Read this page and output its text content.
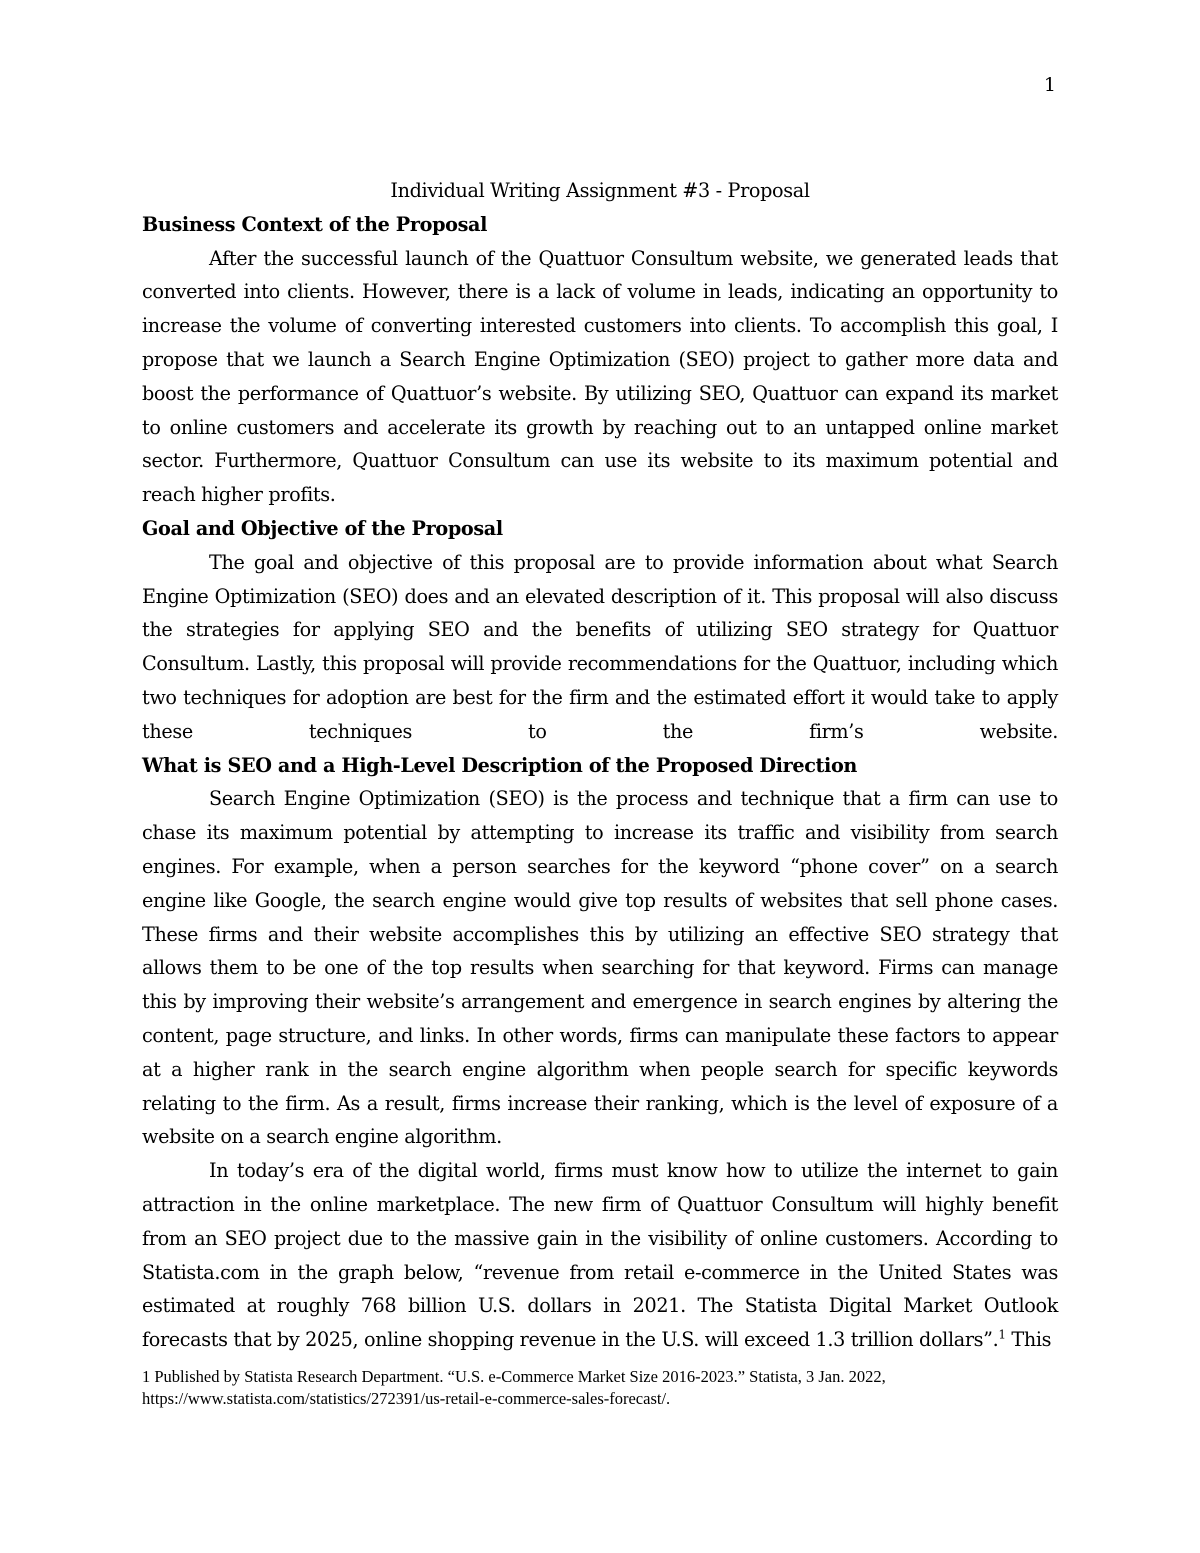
1

Individual Writing Assignment #3 - Proposal

Business Context of the Proposal

After the successful launch of the Quattuor Consultum website, we generated leads that converted into clients. However, there is a lack of volume in leads, indicating an opportunity to increase the volume of converting interested customers into clients. To accomplish this goal, I propose that we launch a Search Engine Optimization (SEO) project to gather more data and boost the performance of Quattuor’s website. By utilizing SEO, Quattuor can expand its market to online customers and accelerate its growth by reaching out to an untapped online market sector. Furthermore, Quattuor Consultum can use its website to its maximum potential and reach higher profits.

Goal and Objective of the Proposal

The goal and objective of this proposal are to provide information about what Search Engine Optimization (SEO) does and an elevated description of it. This proposal will also discuss the strategies for applying SEO and the benefits of utilizing SEO strategy for Quattuor Consultum. Lastly, this proposal will provide recommendations for the Quattuor, including which two techniques for adoption are best for the firm and the estimated effort it would take to apply these techniques to the firm’s website.

What is SEO and a High-Level Description of the Proposed Direction

Search Engine Optimization (SEO) is the process and technique that a firm can use to chase its maximum potential by attempting to increase its traffic and visibility from search engines. For example, when a person searches for the keyword “phone cover” on a search engine like Google, the search engine would give top results of websites that sell phone cases. These firms and their website accomplishes this by utilizing an effective SEO strategy that allows them to be one of the top results when searching for that keyword. Firms can manage this by improving their website’s arrangement and emergence in search engines by altering the content, page structure, and links. In other words, firms can manipulate these factors to appear at a higher rank in the search engine algorithm when people search for specific keywords relating to the firm. As a result, firms increase their ranking, which is the level of exposure of a website on a search engine algorithm.

In today’s era of the digital world, firms must know how to utilize the internet to gain attraction in the online marketplace. The new firm of Quattuor Consultum will highly benefit from an SEO project due to the massive gain in the visibility of online customers. According to Statista.com in the graph below, “revenue from retail e-commerce in the United States was estimated at roughly 768 billion U.S. dollars in 2021. The Statista Digital Market Outlook forecasts that by 2025, online shopping revenue in the U.S. will exceed 1.3 trillion dollars”.$^1$ This

1 Published by Statista Research Department. “U.S. e-Commerce Market Size 2016-2023.” Statista, 3 Jan. 2022, https://www.statista.com/statistics/272391/us-retail-e-commerce-sales-forecast/.
